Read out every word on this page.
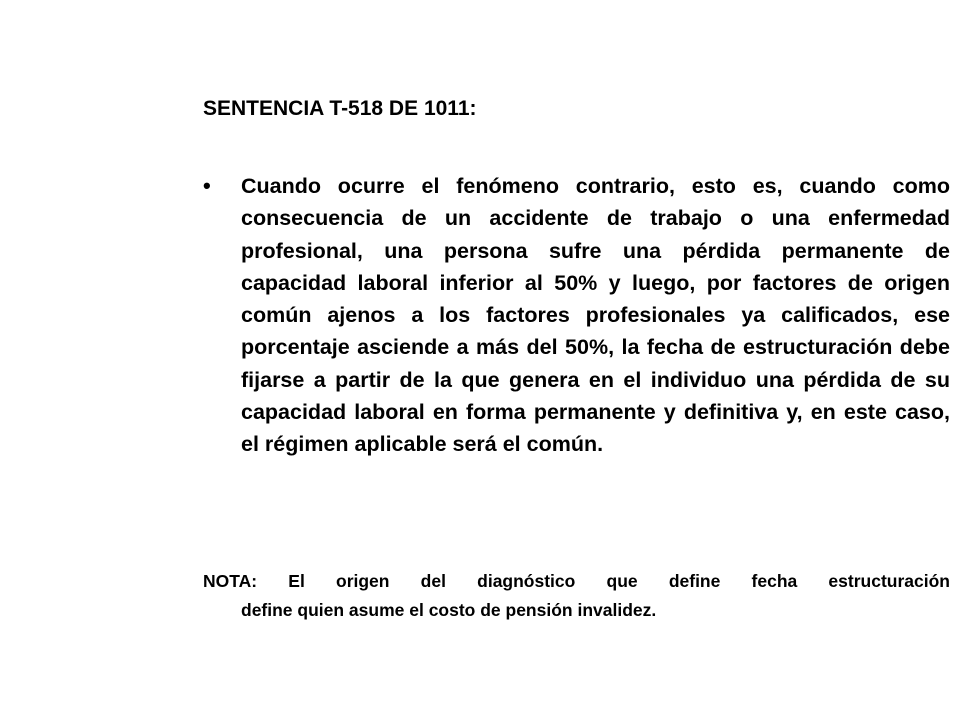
SENTENCIA T-518 DE 1011:
• Cuando ocurre el fenómeno contrario, esto es, cuando como consecuencia de un accidente de trabajo o una enfermedad profesional, una persona sufre una pérdida permanente de capacidad laboral inferior al 50% y luego, por factores de origen común ajenos a los factores profesionales ya calificados, ese porcentaje asciende a más del 50%, la fecha de estructuración debe fijarse a partir de la que genera en el individuo una pérdida de su capacidad laboral en forma permanente y definitiva y, en este caso, el régimen aplicable será el común.
NOTA: El origen del diagnóstico que define fecha estructuración
define quien asume el costo de pensión invalidez.
